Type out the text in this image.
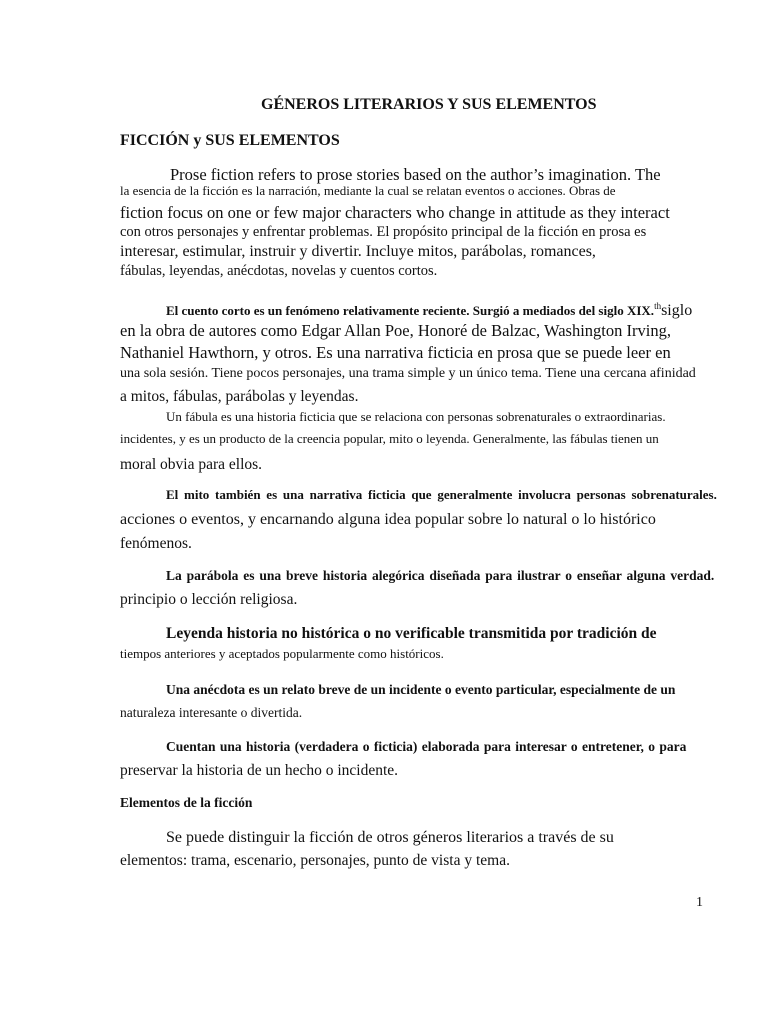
GÉNEROS LITERARIOS Y SUS ELEMENTOS
FICCIÓN y SUS ELEMENTOS
Prose fiction refers to prose stories based on the author’s imagination. The
la esencia de la ficción es la narración, mediante la cual se relatan eventos o acciones. Obras de
fiction focus on one or few major characters who change in attitude as they interact
con otros personajes y enfrentar problemas. El propósito principal de la ficción en prosa es
interesar, estimular, instruir y divertir. Incluye mitos, parábolas, romances,
fábulas, leyendas, anécdotas, novelas y cuentos cortos.
El cuento corto es un fenómeno relativamente reciente. Surgió a mediados del siglo XIX.$^{th}$siglo
en la obra de autores como Edgar Allan Poe, Honoré de Balzac, Washington Irving,
Nathaniel Hawthorn, y otros. Es una narrativa ficticia en prosa que se puede leer en
una sola sesión. Tiene pocos personajes, una trama simple y un único tema. Tiene una cercana afinidad
a mitos, fábulas, parábolas y leyendas.
Un fábula es una historia ficticia que se relaciona con personas sobrenaturales o extraordinarias.
incidentes, y es un producto de la creencia popular, mito o leyenda. Generalmente, las fábulas tienen un
moral obvia para ellos.
El mito también es una narrativa ficticia que generalmente involucra personas sobrenaturales.
acciones o eventos, y encarnando alguna idea popular sobre lo natural o lo histórico
fenómenos.
La parábola es una breve historia alegórica diseñada para ilustrar o enseñar alguna verdad.
principio o lección religiosa.
Leyenda historia no histórica o no verificable transmitida por tradición de
tiempos anteriores y aceptados popularmente como históricos.
Una anécdota es un relato breve de un incidente o evento particular, especialmente de un
naturaleza interesante o divertida.
Cuentan una historia (verdadera o ficticia) elaborada para interesar o entretener, o para
preservar la historia de un hecho o incidente.
Elementos de la ficción
Se puede distinguir la ficción de otros géneros literarios a través de su
elementos: trama, escenario, personajes, punto de vista y tema.
1
